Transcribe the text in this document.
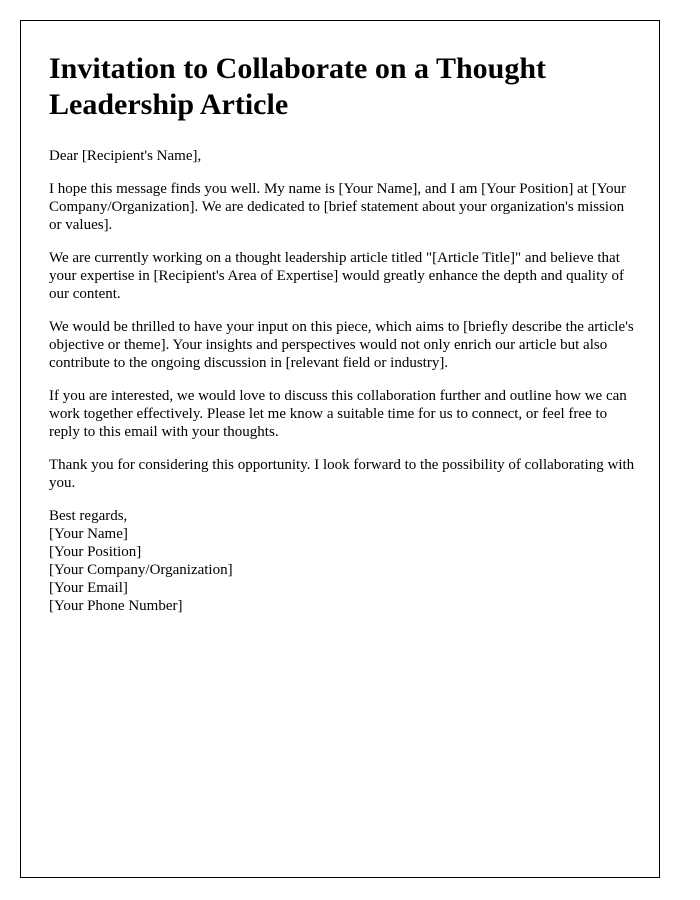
Invitation to Collaborate on a Thought Leadership Article

Dear [Recipient's Name],

I hope this message finds you well. My name is [Your Name], and I am [Your Position] at [Your Company/Organization]. We are dedicated to [brief statement about your organization's mission or values].

We are currently working on a thought leadership article titled "[Article Title]" and believe that your expertise in [Recipient's Area of Expertise] would greatly enhance the depth and quality of our content.

We would be thrilled to have your input on this piece, which aims to [briefly describe the article's objective or theme]. Your insights and perspectives would not only enrich our article but also contribute to the ongoing discussion in [relevant field or industry].

If you are interested, we would love to discuss this collaboration further and outline how we can work together effectively. Please let me know a suitable time for us to connect, or feel free to reply to this email with your thoughts.

Thank you for considering this opportunity. I look forward to the possibility of collaborating with you.

Best regards,
[Your Name]
[Your Position]
[Your Company/Organization]
[Your Email]
[Your Phone Number]
